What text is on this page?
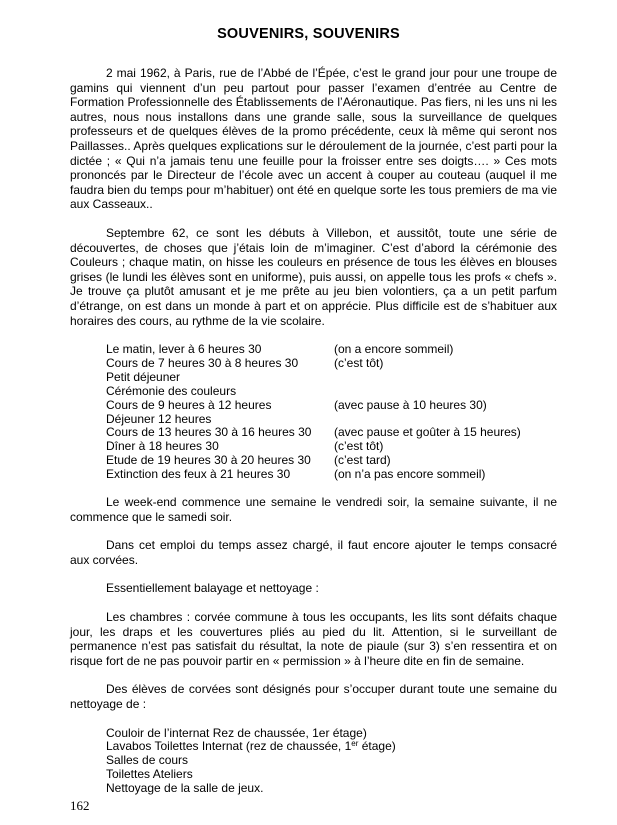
SOUVENIRS, SOUVENIRS

2 mai 1962, à Paris, rue de l’Abbé de l’Épée, c’est le grand jour pour une troupe de gamins qui viennent d’un peu partout pour passer l’examen d’entrée au Centre de Formation Professionnelle des Établissements de l’Aéronautique. Pas fiers, ni les uns ni les autres, nous nous installons dans une grande salle, sous la surveillance de quelques professeurs et de quelques élèves de la promo précédente, ceux là même qui seront nos Paillasses.. Après quelques explications sur le déroulement de la journée, c’est parti pour la dictée ; « Qui n’a jamais tenu une feuille pour la froisser entre ses doigts…. » Ces mots prononcés par le Directeur de l’école avec un accent à couper au couteau (auquel il me faudra bien du temps pour m’habituer) ont été en quelque sorte les tous premiers de ma vie aux Casseaux..

Septembre 62, ce sont les débuts à Villebon, et aussitôt, toute une série de découvertes, de choses que j’étais loin de m’imaginer. C’est d’abord la cérémonie des Couleurs ; chaque matin, on hisse les couleurs en présence de tous les élèves en blouses grises (le lundi les élèves sont en uniforme), puis aussi, on appelle tous les profs « chefs ». Je trouve ça plutôt amusant et je me prête au jeu bien volontiers, ça a un petit parfum d’étrange, on est dans un monde à part et on apprécie. Plus difficile est de s’habituer aux horaires des cours, au rythme de la vie scolaire.

Le matin, lever à 6 heures 30	(on a encore sommeil)
Cours de 7 heures 30 à 8 heures 30	(c’est tôt)
Petit déjeuner
Cérémonie des couleurs
Cours de 9 heures à 12 heures	(avec pause à 10 heures 30)
Déjeuner 12 heures
Cours de 13 heures 30 à 16 heures 30	(avec pause et goûter à 15 heures)
Dîner à 18 heures 30	(c’est tôt)
Etude de 19 heures 30 à 20 heures 30	(c’est tard)
Extinction des feux à 21 heures 30	(on n’a pas encore sommeil)

Le week-end commence une semaine le vendredi soir, la semaine suivante, il ne commence que le samedi soir.

Dans cet emploi du temps assez chargé, il faut encore ajouter le temps consacré aux corvées.

Essentiellement balayage et nettoyage :

Les chambres : corvée commune à tous les occupants, les lits sont défaits chaque jour, les draps et les couvertures pliés au pied du lit. Attention, si le surveillant de permanence n’est pas satisfait du résultat, la note de piaule (sur 3) s’en ressentira et on risque fort de ne pas pouvoir partir en « permission » à l’heure dite en fin de semaine.

Des élèves de corvées sont désignés pour s’occuper durant toute une semaine du nettoyage de :

Couloir de l’internat Rez de chaussée, 1er étage)
Lavabos Toilettes Internat (rez de chaussée, 1er étage)
Salles de cours
Toilettes Ateliers
Nettoyage de la salle de jeux.

162
